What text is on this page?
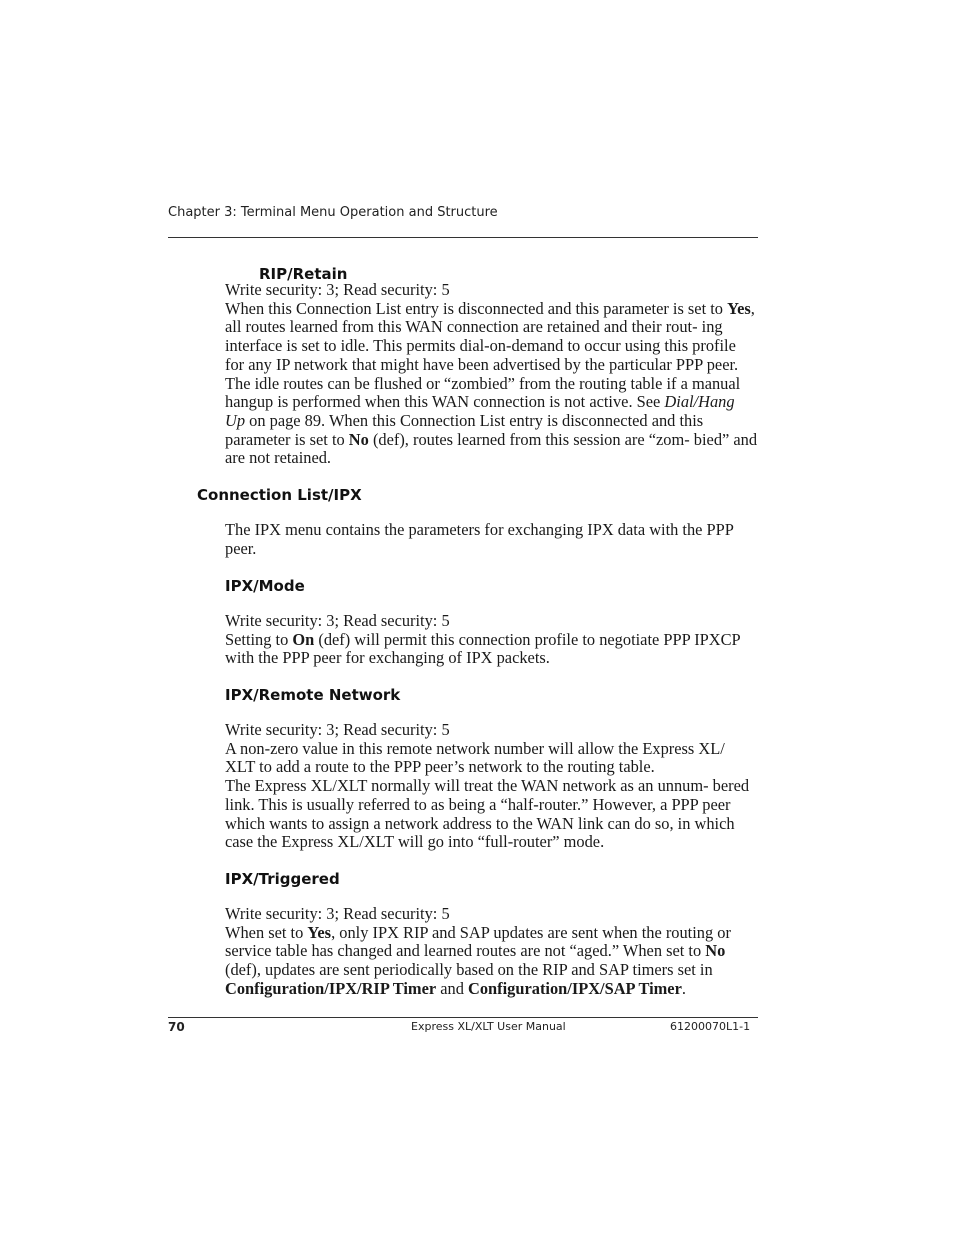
Chapter 3: Terminal Menu Operation and Structure
RIP/Retain

Write security: 3; Read security: 5

When this Connection List entry is disconnected and this parameter is set to Yes, all routes learned from this WAN connection are retained and their rout- ing interface is set to idle. This permits dial-on-demand to occur using this profile for any IP network that might have been advertised by the particular PPP peer. The idle routes can be flushed or “zombied” from the routing table if a manual hangup is performed when this WAN connection is not active. See Dial/Hang Up on page 89. When this Connection List entry is disconnected and this parameter is set to No (def), routes learned from this session are “zom- bied” and are not retained.

Connection List/IPX

The IPX menu contains the parameters for exchanging IPX data with the PPP peer.

IPX/Mode

Write security: 3; Read security: 5

Setting to On (def) will permit this connection profile to negotiate PPP IPXCP with the PPP peer for exchanging of IPX packets.

IPX/Remote Network

Write security: 3; Read security: 5

A non-zero value in this remote network number will allow the Express XL/ XLT to add a route to the PPP peer’s network to the routing table.

The Express XL/XLT normally will treat the WAN network as an unnum- bered link. This is usually referred to as being a “half-router.” However, a PPP peer which wants to assign a network address to the WAN link can do so, in which case the Express XL/XLT will go into “full-router” mode.

IPX/Triggered

Write security: 3; Read security: 5

When set to Yes, only IPX RIP and SAP updates are sent when the routing or service table has changed and learned routes are not “aged.” When set to No (def), updates are sent periodically based on the RIP and SAP timers set in Configuration/IPX/RIP Timer and Configuration/IPX/SAP Timer.

70	Express XL/XLT User Manual	61200070L1-1
